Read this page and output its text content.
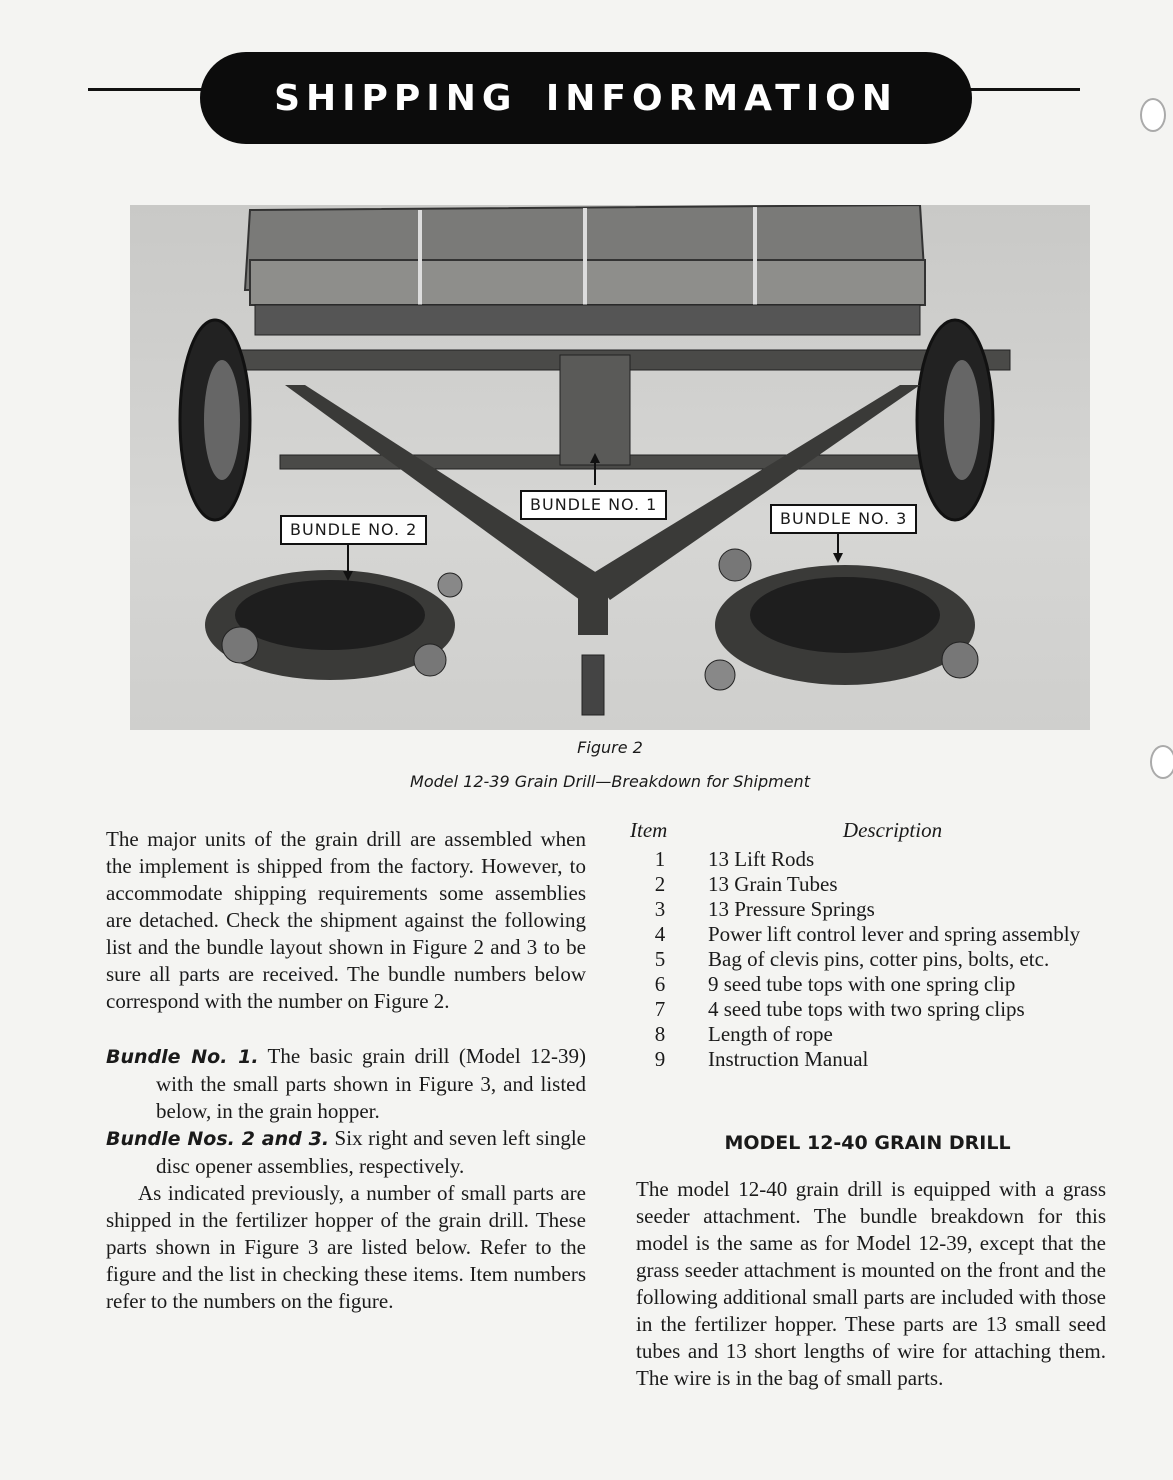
SHIPPING INFORMATION
BUNDLE NO. 1
BUNDLE NO. 2
BUNDLE NO. 3
Figure 2
Model 12-39 Grain Drill—Breakdown for Shipment

The major units of the grain drill are assembled when the implement is shipped from the factory. However, to accommodate shipping requirements some assemblies are detached. Check the shipment against the following list and the bundle layout shown in Figure 2 and 3 to be sure all parts are received. The bundle numbers below correspond with the number on Figure 2.

Bundle No. 1. The basic grain drill (Model 12-39) with the small parts shown in Figure 3, and listed below, in the grain hopper.

Bundle Nos. 2 and 3. Six right and seven left single disc opener assemblies, respectively.

As indicated previously, a number of small parts are shipped in the fertilizer hopper of the grain drill. These parts shown in Figure 3 are listed below. Refer to the figure and the list in checking these items. Item numbers refer to the numbers on the figure.

Item	Description
1	13 Lift Rods
2	13 Grain Tubes
3	13 Pressure Springs
4	Power lift control lever and spring assembly
5	Bag of clevis pins, cotter pins, bolts, etc.
6	9 seed tube tops with one spring clip
7	4 seed tube tops with two spring clips
8	Length of rope
9	Instruction Manual
MODEL 12-40 GRAIN DRILL

The model 12-40 grain drill is equipped with a grass seeder attachment. The bundle breakdown for this model is the same as for Model 12-39, except that the grass seeder attachment is mounted on the front and the following additional small parts are included with those in the fertilizer hopper. These parts are 13 small seed tubes and 13 short lengths of wire for attaching them. The wire is in the bag of small parts.
